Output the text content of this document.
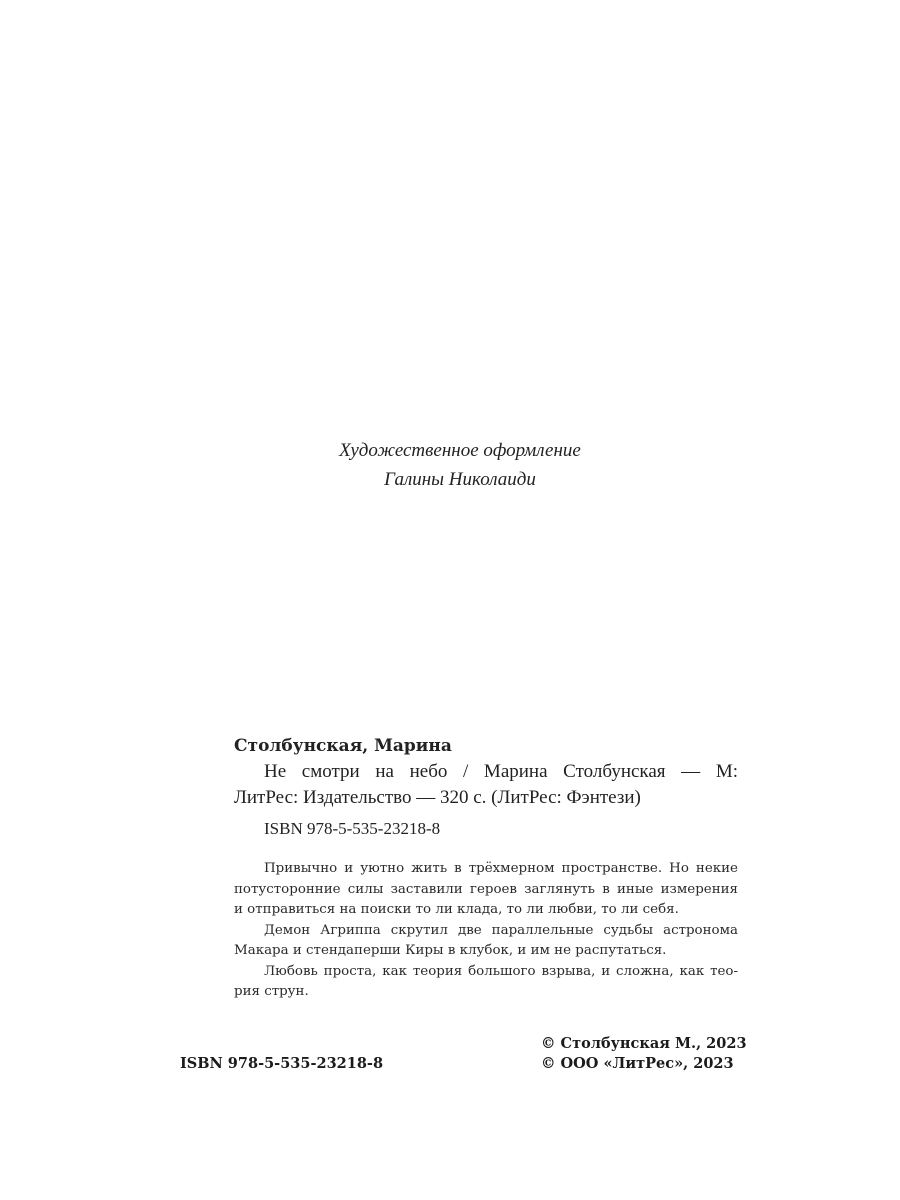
Художественное оформление
Галины Николаиди
Столбунская, Марина
Не смотри на небо / Марина Столбунская — М:
ЛитРес: Издательство — 320 с. (ЛитРес: Фэнтези)
ISBN 978-5-535-23218-8
Привычно и уютно жить в трёхмерном пространстве. Но некие
потусторонние силы заставили героев заглянуть в иные измерения
и отправиться на поиски то ли клада, то ли любви, то ли себя.
Демон Агриппа скрутил две параллельные судьбы астронома
Макара и стендаперши Киры в клубок, и им не распутаться.
Любовь проста, как теория большого взрыва, и сложна, как тео-
рия струн.
ISBN 978-5-535-23218-8
© Столбунская М., 2023
© ООО «ЛитРес», 2023
